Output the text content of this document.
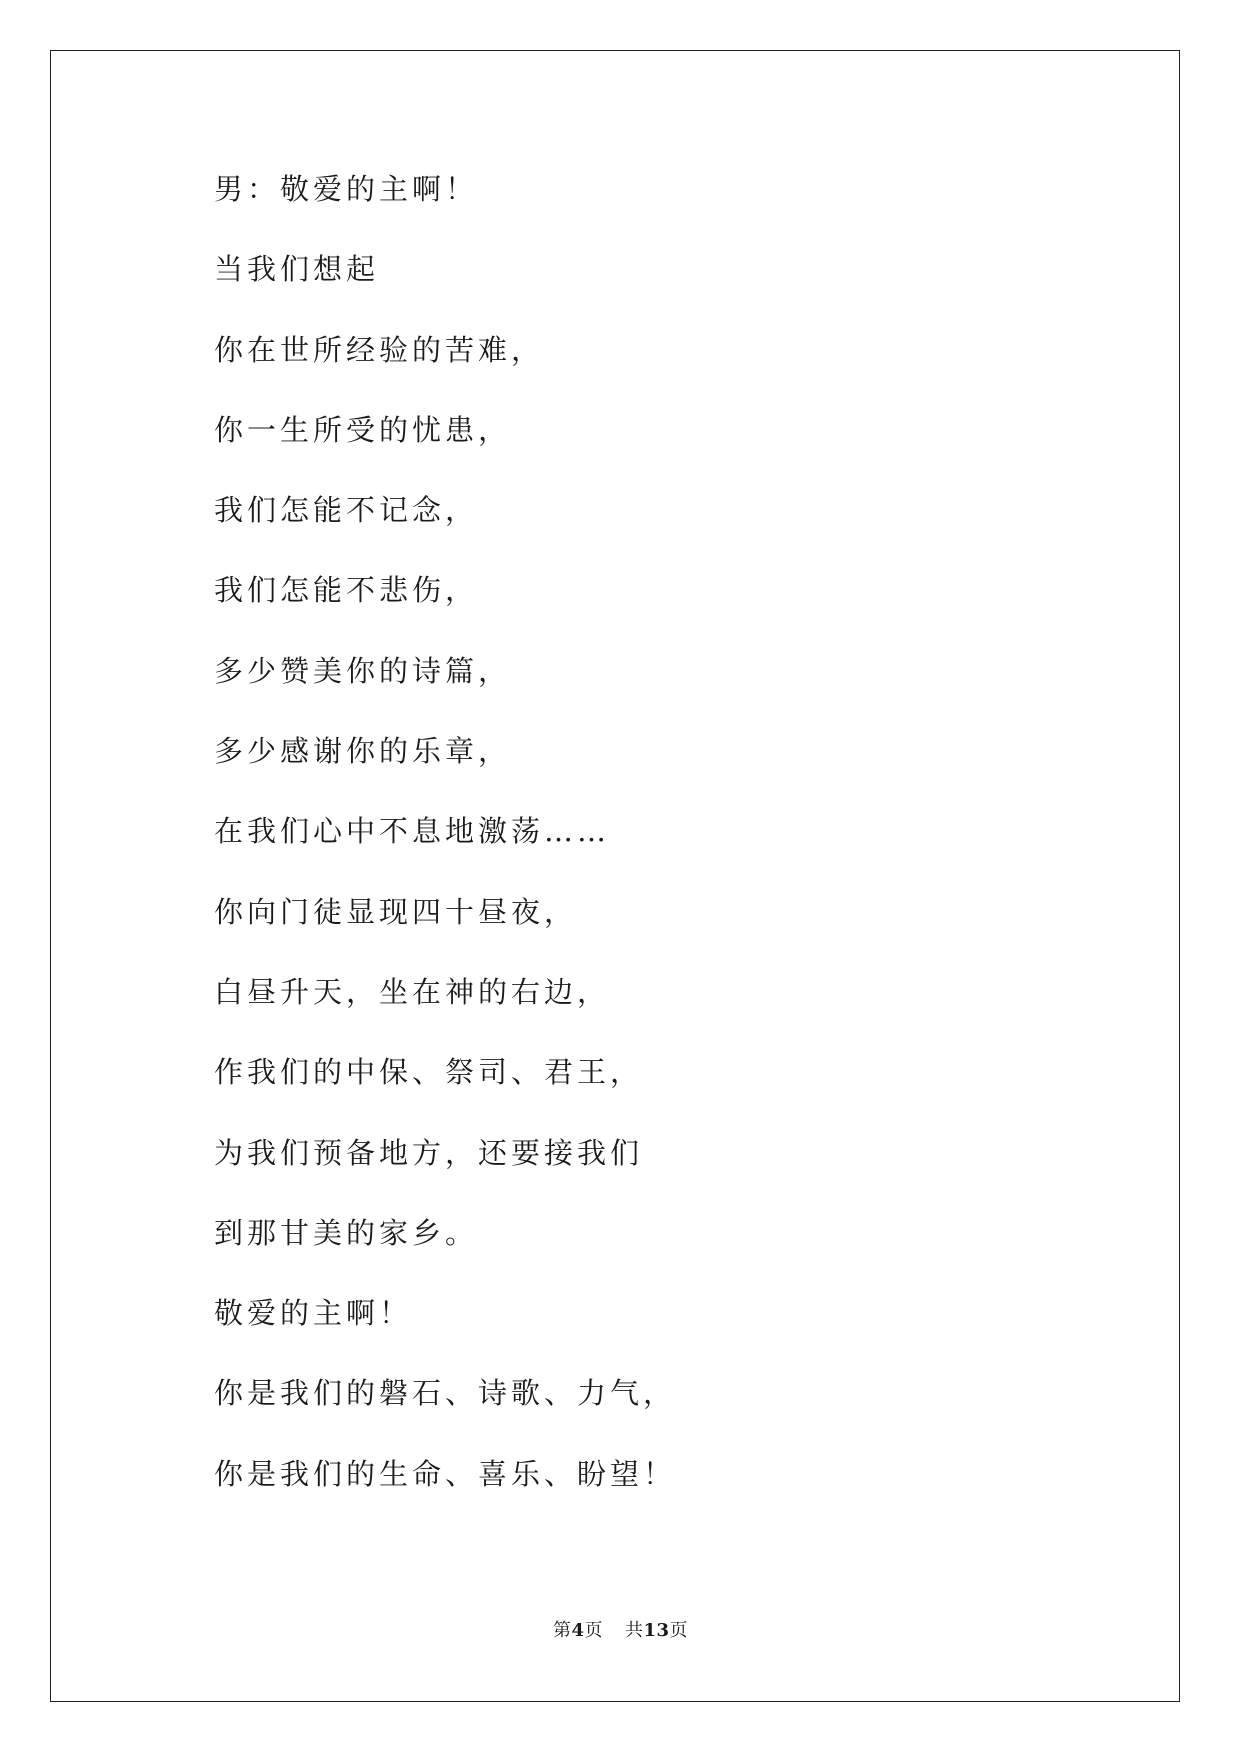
男：敬爱的主啊！
当我们想起
你在世所经验的苦难，
你一生所受的忧患，
我们怎能不记念，
我们怎能不悲伤，
多少赞美你的诗篇，
多少感谢你的乐章，
在我们心中不息地激荡……
你向门徒显现四十昼夜，
白昼升天，坐在神的右边，
作我们的中保、祭司、君王，
为我们预备地方，还要接我们
到那甘美的家乡。
敬爱的主啊！
你是我们的磐石、诗歌、力气，
你是我们的生命、喜乐、盼望！
第4页 共13页
